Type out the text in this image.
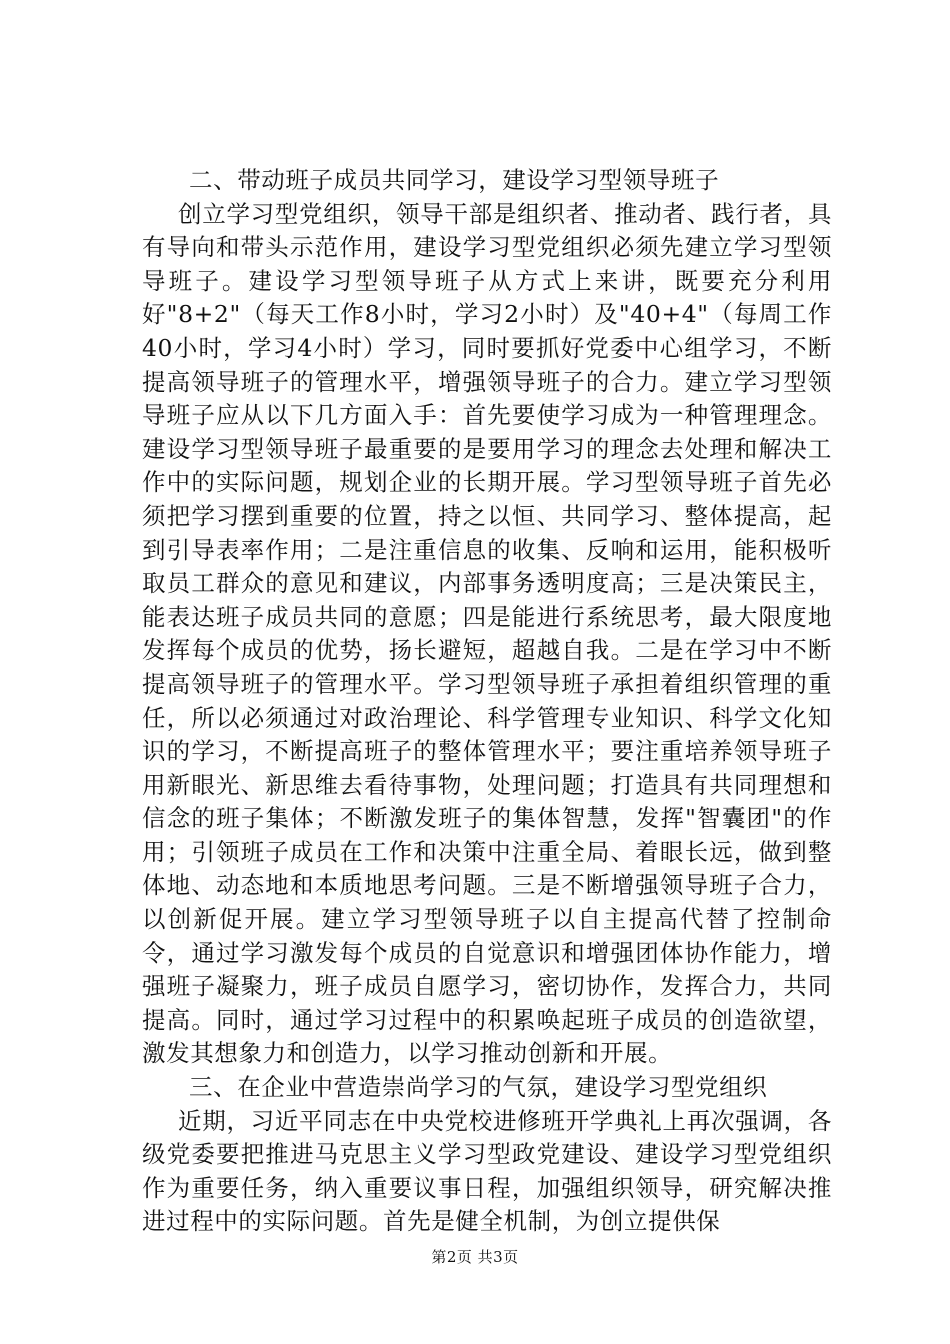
二、带动班子成员共同学习，建设学习型领导班子

创立学习型党组织，领导干部是组织者、推动者、践行者，具有导向和带头示范作用，建设学习型党组织必须先建立学习型领导班子。建设学习型领导班子从方式上来讲，既要充分利用好"8+2"（每天工作8小时，学习2小时）及"40+4"（每周工作40小时，学习4小时）学习，同时要抓好党委中心组学习，不断提高领导班子的管理水平，增强领导班子的合力。建立学习型领导班子应从以下几方面入手：首先要使学习成为一种管理理念。建设学习型领导班子最重要的是要用学习的理念去处理和解决工作中的实际问题，规划企业的长期开展。学习型领导班子首先必须把学习摆到重要的位置，持之以恒、共同学习、整体提高，起到引导表率作用；二是注重信息的收集、反响和运用，能积极听取员工群众的意见和建议，内部事务透明度高；三是决策民主，能表达班子成员共同的意愿；四是能进行系统思考，最大限度地发挥每个成员的优势，扬长避短，超越自我。二是在学习中不断提高领导班子的管理水平。学习型领导班子承担着组织管理的重任，所以必须通过对政治理论、科学管理专业知识、科学文化知识的学习，不断提高班子的整体管理水平；要注重培养领导班子用新眼光、新思维去看待事物，处理问题；打造具有共同理想和信念的班子集体；不断激发班子的集体智慧，发挥"智囊团"的作用；引领班子成员在工作和决策中注重全局、着眼长远，做到整体地、动态地和本质地思考问题。三是不断增强领导班子合力，以创新促开展。建立学习型领导班子以自主提高代替了控制命令，通过学习激发每个成员的自觉意识和增强团体协作能力，增强班子凝聚力，班子成员自愿学习，密切协作，发挥合力，共同提高。同时，通过学习过程中的积累唤起班子成员的创造欲望，激发其想象力和创造力，以学习推动创新和开展。

三、在企业中营造崇尚学习的气氛，建设学习型党组织

近期，习近平同志在中央党校进修班开学典礼上再次强调，各级党委要把推进马克思主义学习型政党建设、建设学习型党组织作为重要任务，纳入重要议事日程，加强组织领导，研究解决推进过程中的实际问题。首先是健全机制，为创立提供保

第2页 共3页
